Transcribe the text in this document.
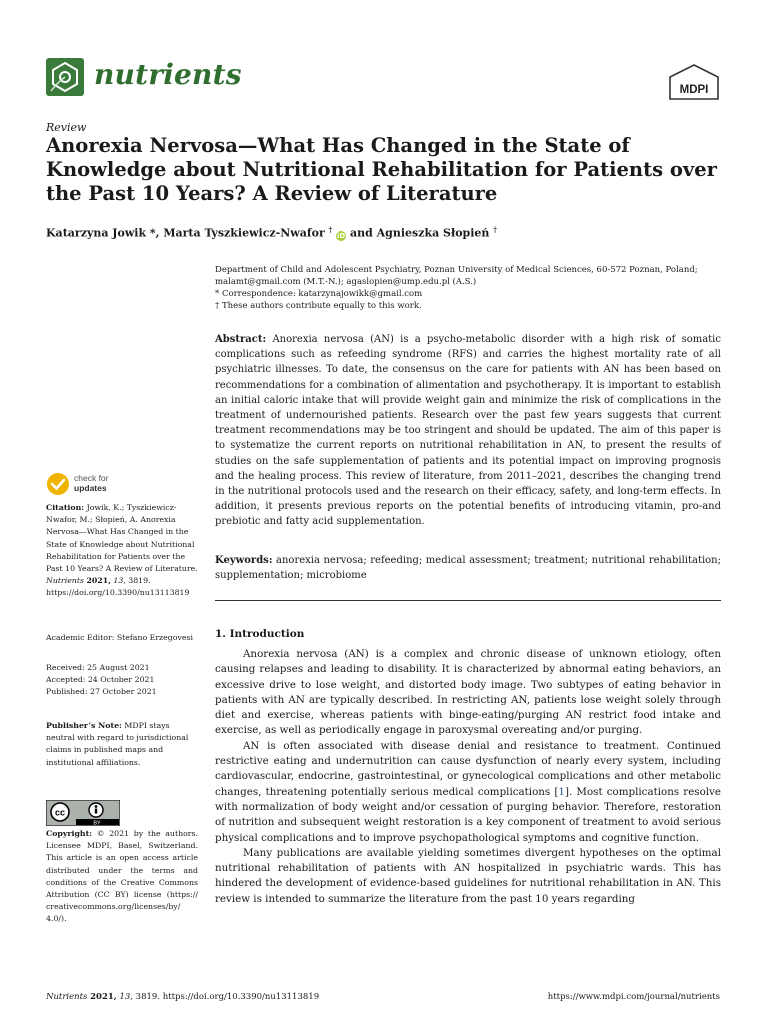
nutrients	MDPI
Review
Anorexia Nervosa—What Has Changed in the State of Knowledge about Nutritional Rehabilitation for Patients over the Past 10 Years? A Review of Literature
Katarzyna Jowik *, Marta Tyszkiewicz-Nwafor † iD and Agnieszka Słopień †
Department of Child and Adolescent Psychiatry, Poznan University of Medical Sciences, 60-572 Poznan, Poland;
malamt@gmail.com (M.T.-N.); agaslopien@ump.edu.pl (A.S.)
* Correspondence: katarzynajowikk@gmail.com
† These authors contribute equally to this work.
Abstract: Anorexia nervosa (AN) is a psycho-metabolic disorder with a high risk of somatic complications such as refeeding syndrome (RFS) and carries the highest mortality rate of all psychiatric illnesses. To date, the consensus on the care for patients with AN has been based on recommendations for a combination of alimentation and psychotherapy. It is important to establish an initial caloric intake that will provide weight gain and minimize the risk of complications in the treatment of undernourished patients. Research over the past few years suggests that current treatment recommendations may be too stringent and should be updated. The aim of this paper is to systematize the current reports on nutritional rehabilitation in AN, to present the results of studies on the safe supplementation of patients and its potential impact on improving prognosis and the healing process. This review of literature, from 2011–2021, describes the changing trend in the nutritional protocols used and the research on their efficacy, safety, and long-term effects. In addition, it presents previous reports on the potential benefits of introducing vitamin, pro-and prebiotic and fatty acid supplementation.
Keywords: anorexia nervosa; refeeding; medical assessment; treatment; nutritional rehabilitation; supplementation; microbiome
1. Introduction

Anorexia nervosa (AN) is a complex and chronic disease of unknown etiology, often causing relapses and leading to disability. It is characterized by abnormal eating behaviors, an excessive drive to lose weight, and distorted body image. Two subtypes of eating behavior in patients with AN are typically described. In restricting AN, patients lose weight solely through diet and exercise, whereas patients with binge-eating/purging AN restrict food intake and exercise, as well as periodically engage in paroxysmal overeating and/or purging.

AN is often associated with disease denial and resistance to treatment. Continued restrictive eating and undernutrition can cause dysfunction of nearly every system, including cardiovascular, endocrine, gastrointestinal, or gynecological complications and other metabolic changes, threatening potentially serious medical complications [1]. Most complications resolve with normalization of body weight and/or cessation of purging behavior. Therefore, restoration of nutrition and subsequent weight restoration is a key component of treatment to avoid serious physical complications and to improve psychopathological symptoms and cognitive function.

Many publications are available yielding sometimes divergent hypotheses on the optimal nutritional rehabilitation of patients with AN hospitalized in psychiatric wards. This has hindered the development of evidence-based guidelines for nutritional rehabilitation in AN. This review is intended to summarize the literature from the past 10 years regarding

check for
updates
Citation: Jowik, K.; Tyszkiewicz-Nwafor, M.; Słopień, A. Anorexia Nervosa—What Has Changed in the State of Knowledge about Nutritional Rehabilitation for Patients over the Past 10 Years? A Review of Literature. Nutrients 2021, 13, 3819. https://doi.org/10.3390/nu13113819
Academic Editor: Stefano Erzegovesi
Received: 25 August 2021
Accepted: 24 October 2021
Published: 27 October 2021
Publisher’s Note: MDPI stays neutral with regard to jurisdictional claims in published maps and institutional affiliations.
cc
BY
Copyright: © 2021 by the authors. Licensee MDPI, Basel, Switzerland. This article is an open access article distributed under the terms and conditions of the Creative Commons Attribution (CC BY) license (https:// creativecommons.org/licenses/by/ 4.0/).
Nutrients 2021, 13, 3819. https://doi.org/10.3390/nu13113819	https://www.mdpi.com/journal/nutrients
